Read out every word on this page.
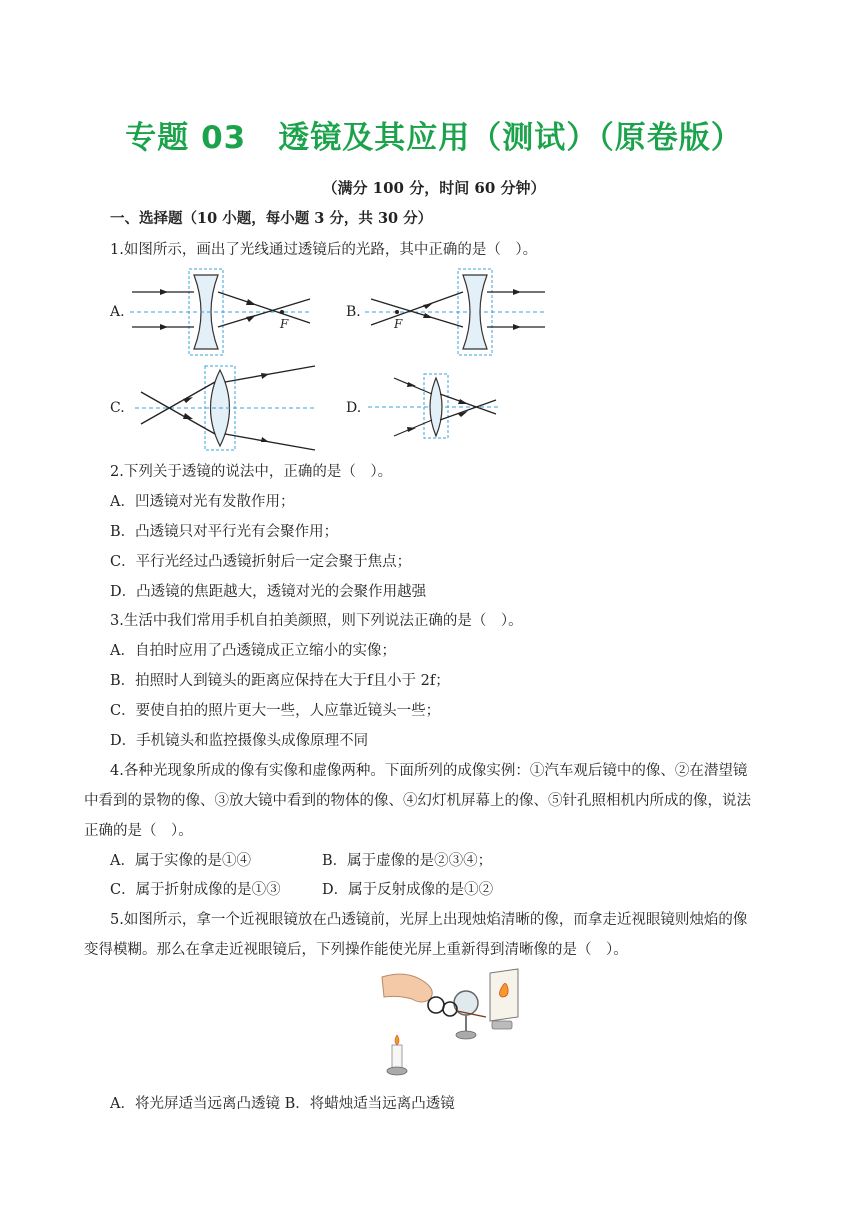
专题 03　透镜及其应用（测试）（原卷版）
（满分 100 分，时间 60 分钟）
一、选择题（10 小题，每小题 3 分，共 30 分）
1.如图所示，画出了光线通过透镜后的光路，其中正确的是（　）。
A.	B.
C.	D.
F	F
2.下列关于透镜的说法中，正确的是（　）。
A．凹透镜对光有发散作用；
B．凸透镜只对平行光有会聚作用；
C．平行光经过凸透镜折射后一定会聚于焦点；
D．凸透镜的焦距越大，透镜对光的会聚作用越强
3.生活中我们常用手机自拍美颜照，则下列说法正确的是（　）。
A．自拍时应用了凸透镜成正立缩小的实像；
B．拍照时人到镜头的距离应保持在大于f且小于 2f；
C．要使自拍的照片更大一些，人应靠近镜头一些；
D．手机镜头和监控摄像头成像原理不同
4.各种光现象所成的像有实像和虚像两种。下面所列的成像实例：①汽车观后镜中的像、②在潜望镜
中看到的景物的像、③放大镜中看到的物体的像、④幻灯机屏幕上的像、⑤针孔照相机内所成的像，说法
正确的是（　）。
A．属于实像的是①④	B．属于虚像的是②③④；
C．属于折射成像的是①③	D．属于反射成像的是①②
5.如图所示，拿一个近视眼镜放在凸透镜前，光屏上出现烛焰清晰的像，而拿走近视眼镜则烛焰的像
变得模糊。那么在拿走近视眼镜后，下列操作能使光屏上重新得到清晰像的是（　）。
A．将光屏适当远离凸透镜 B．将蜡烛适当远离凸透镜
